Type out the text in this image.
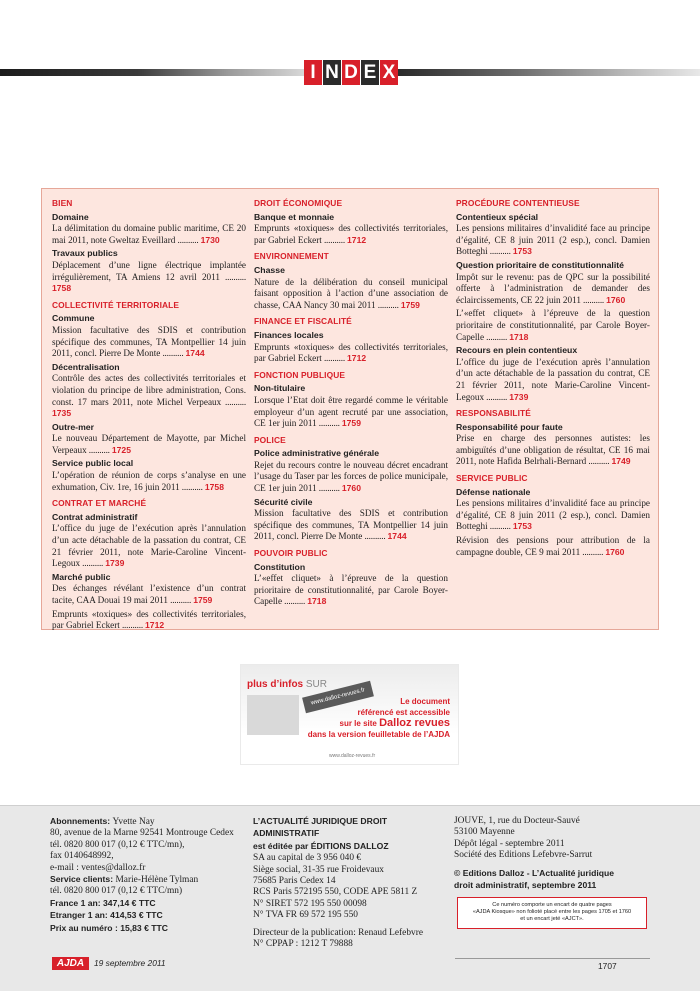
I N D E X
BIEN
Domaine
La délimitation du domaine public maritime, CE 20 mai 2011, note Gweltaz Eveillard .......... 1730
Travaux publics
Déplacement d’une ligne électrique implantée irrégulièrement, TA Amiens 12 avril 2011 .......... 1758
COLLECTIVITÉ TERRITORIALE
Commune
Mission facultative des SDIS et contribution spécifique des communes, TA Montpellier 14 juin 2011, concl. Pierre De Monte .......... 1744
Décentralisation
Contrôle des actes des collectivités territoriales et violation du principe de libre administration, Cons. const. 17 mars 2011, note Michel Verpeaux .......... 1735
Outre-mer
Le nouveau Département de Mayotte, par Michel Verpeaux .......... 1725
Service public local
L’opération de réunion de corps s’analyse en une exhumation, Civ. 1re, 16 juin 2011 .......... 1758
CONTRAT ET MARCHÉ
Contrat administratif
L’office du juge de l’exécution après l’annulation d’un acte détachable de la passation du contrat, CE 21 février 2011, note Marie-Caroline Vincent-Legoux .......... 1739
Marché public
Des échanges révélant l’existence d’un contrat tacite, CAA Douai 19 mai 2011 .......... 1759
Emprunts «toxiques» des collectivités territoriales, par Gabriel Eckert .......... 1712
DROIT ÉCONOMIQUE
Banque et monnaie
Emprunts «toxiques» des collectivités territoriales, par Gabriel Eckert .......... 1712
ENVIRONNEMENT
Chasse
Nature de la délibération du conseil municipal faisant opposition à l’action d’une association de chasse, CAA Nancy 30 mai 2011 .......... 1759
FINANCE ET FISCALITÉ
Finances locales
Emprunts «toxiques» des collectivités territoriales, par Gabriel Eckert .......... 1712
FONCTION PUBLIQUE
Non-titulaire
Lorsque l’Etat doit être regardé comme le véritable employeur d’un agent recruté par une association, CE 1er juin 2011 .......... 1759
POLICE
Police administrative générale
Rejet du recours contre le nouveau décret encadrant l’usage du Taser par les forces de police municipale, CE 1er juin 2011 .......... 1760
Sécurité civile
Mission facultative des SDIS et contribution spécifique des communes, TA Montpellier 14 juin 2011, concl. Pierre De Monte .......... 1744
POUVOIR PUBLIC
Constitution
L’«effet cliquet» à l’épreuve de la question prioritaire de constitutionnalité, par Carole Boyer-Capelle .......... 1718
PROCÉDURE CONTENTIEUSE
Contentieux spécial
Les pensions militaires d’invalidité face au principe d’égalité, CE 8 juin 2011 (2 esp.), concl. Damien Botteghi .......... 1753
Question prioritaire de constitutionnalité
Impôt sur le revenu: pas de QPC sur la possibilité offerte à l’administration de demander des éclaircissements, CE 22 juin 2011 .......... 1760
L’«effet cliquet» à l’épreuve de la question prioritaire de constitutionnalité, par Carole Boyer-Capelle .......... 1718
Recours en plein contentieux
L’office du juge de l’exécution après l’annulation d’un acte détachable de la passation du contrat, CE 21 février 2011, note Marie-Caroline Vincent-Legoux .......... 1739
RESPONSABILITÉ
Responsabilité pour faute
Prise en charge des personnes autistes: les ambiguïtés d’une obligation de résultat, CE 16 mai 2011, note Hafida Belrhali-Bernard .......... 1749
SERVICE PUBLIC
Défense nationale
Les pensions militaires d’invalidité face au principe d’égalité, CE 8 juin 2011 (2 esp.), concl. Damien Botteghi .......... 1753
Révision des pensions pour attribution de la campagne double, CE 9 mai 2011 .......... 1760
plus d’infos SUR
www.dalloz-revues.fr	Le document
référencé est accessible
sur le site Dalloz revues
dans la version feuilletable de l’AJDA
www.dalloz-revues.fr
Abonnements: Yvette Nay
80, avenue de la Marne 92541 Montrouge Cedex
tél. 0820 800 017 (0,12 € TTC/mn),
fax 0140648992,
e-mail : ventes@dalloz.fr
Service clients: Marie-Hélène Tylman
tél. 0820 800 017 (0,12 € TTC/mn)
France 1 an: 347,14 € TTC
Etranger 1 an: 414,53 € TTC
Prix au numéro : 15,83 € TTC
L’ACTUALITÉ JURIDIQUE DROIT ADMINISTRATIF
est éditée par ÉDITIONS DALLOZ
SA au capital de 3 956 040 €
Siège social, 31-35 rue Froidevaux
75685 Paris Cedex 14
RCS Paris 572195 550, CODE APE 5811 Z
N° SIRET 572 195 550 00098
N° TVA FR 69 572 195 550
Directeur de la publication: Renaud Lefebvre
N° CPPAP : 1212 T 79888
JOUVE, 1, rue du Docteur-Sauvé
53100 Mayenne
Dépôt légal - septembre 2011
Société des Editions Lefebvre-Sarrut
© Editions Dalloz - L’Actualité juridique
droit administratif, septembre 2011
Ce numéro comporte un encart de quatre pages
«AJDA Kiosque» non folioté placé entre les pages 1705 et 1760
et un encart jeté «AJCT».
AJDA	19 septembre 2011	1707
